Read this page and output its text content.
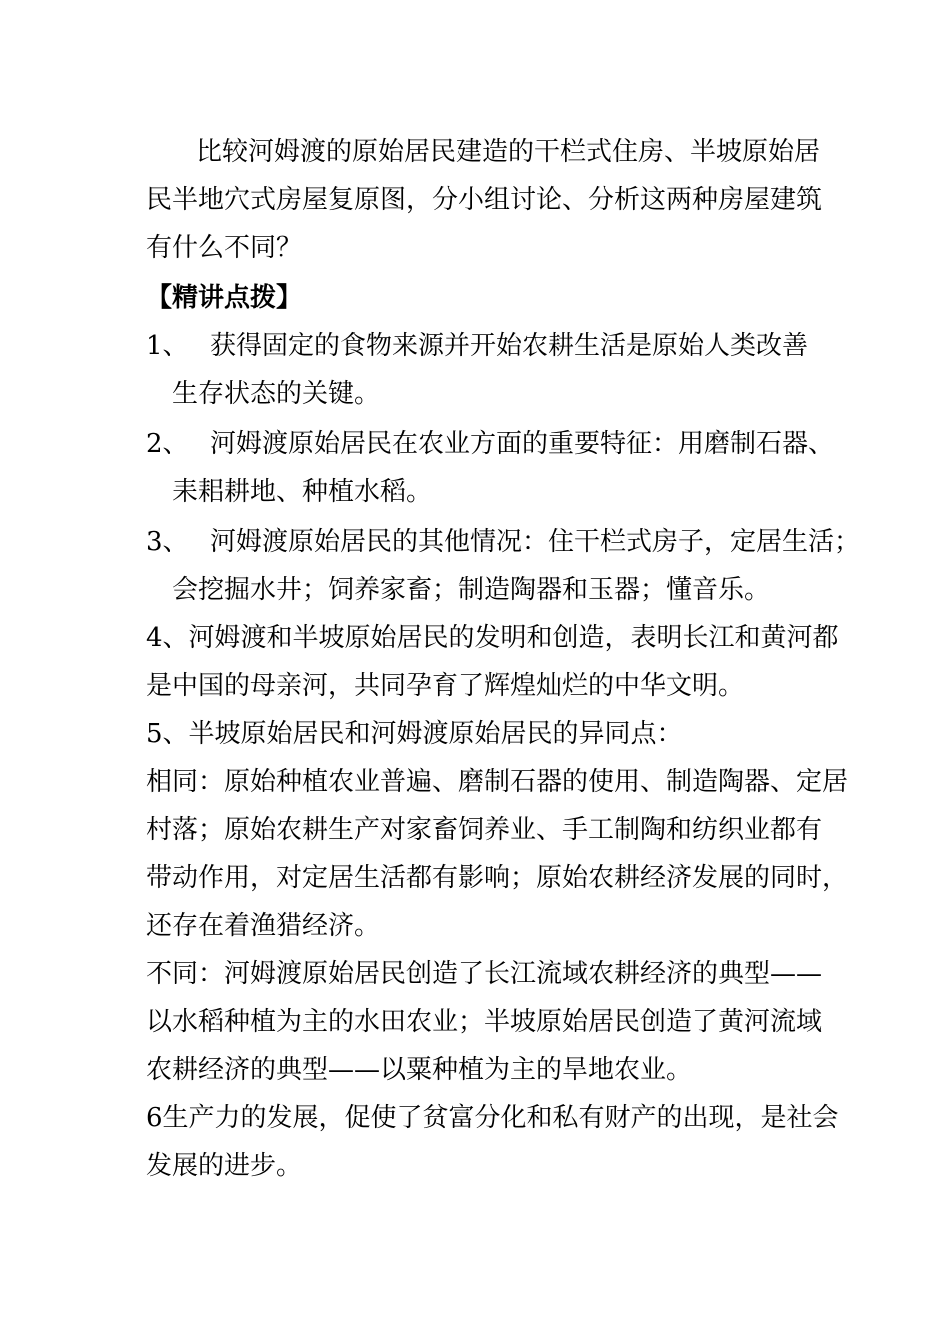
比较河姆渡的原始居民建造的干栏式住房、半坡原始居
民半地穴式房屋复原图，分小组讨论、分析这两种房屋建筑
有什么不同？
【精讲点拨】
1、 获得固定的食物来源并开始农耕生活是原始人类改善
生存状态的关键。
2、 河姆渡原始居民在农业方面的重要特征：用磨制石器、
耒耜耕地、种植水稻。
3、 河姆渡原始居民的其他情况：住干栏式房子，定居生活；
会挖掘水井；饲养家畜；制造陶器和玉器；懂音乐。
4、河姆渡和半坡原始居民的发明和创造，表明长江和黄河都
是中国的母亲河，共同孕育了辉煌灿烂的中华文明。
5、半坡原始居民和河姆渡原始居民的异同点：
相同：原始种植农业普遍、磨制石器的使用、制造陶器、定居
村落；原始农耕生产对家畜饲养业、手工制陶和纺织业都有
带动作用，对定居生活都有影响；原始农耕经济发展的同时，
还存在着渔猎经济。
不同：河姆渡原始居民创造了长江流域农耕经济的典型——
以水稻种植为主的水田农业；半坡原始居民创造了黄河流域
农耕经济的典型——以粟种植为主的旱地农业。
6生产力的发展，促使了贫富分化和私有财产的出现，是社会
发展的进步。
